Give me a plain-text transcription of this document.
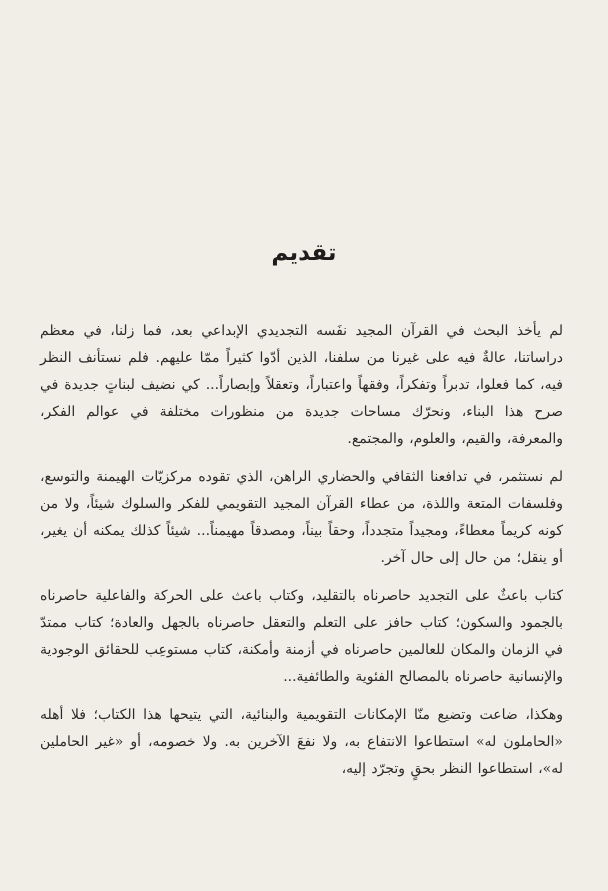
تقديم

لم يأخذ البحث في القرآن المجيد نفَسه التجديدي الإبداعي بعد، فما زلنا، في معظم دراساتنا، عالةٌ فيه على غيرنا من سلفنا، الذين أدّوا كثيراً ممّا عليهم. فلم نستأنف النظر فيه، كما فعلوا، تدبراً وتفكراً، وفقهاً واعتباراً، وتعقلاً وإبصاراً... كي نضيف لبناتٍ جديدة في صرح هذا البناء، ونحرّك مساحات جديدة من منظورات مختلفة في عوالم الفكر، والمعرفة، والقيم، والعلوم، والمجتمع.

لم نستثمر، في تدافعنا الثقافي والحضاري الراهن، الذي تقوده مركزيّات الهيمنة والتوسع، وفلسفات المتعة واللذة، من عطاء القرآن المجيد التقويمي للفكر والسلوك شيئاً، ولا من كونه كريماً معطاءً، ومجيداً متجدداً، وحقاً بيناً، ومصدقاً مهيمناً... شيئاً كذلك يمكنه أن يغير، أو ينقل؛ من حال إلى حال آخر.

كتاب باعثٌ على التجديد حاصرناه بالتقليد، وكتاب باعث على الحركة والفاعلية حاصرناه بالجمود والسكون؛ كتاب حافز على التعلم والتعقل حاصرناه بالجهل والعادة؛ كتاب ممتدّ في الزمان والمكان للعالمين حاصرناه في أزمنة وأمكنة، كتاب مستوعِب للحقائق الوجودية والإنسانية حاصرناه بالمصالح الفئوية والطائفية...

وهكذا، ضاعت وتضيع منّا الإمكانات التقويمية والبنائية، التي يتيحها هذا الكتاب؛ فلا أهله «الحاملون له» استطاعوا الانتفاع به، ولا نفعَ الآخرين به. ولا خصومه، أو «غير الحاملين له»، استطاعوا النظر بحقٍ وتجرّد إليه،
